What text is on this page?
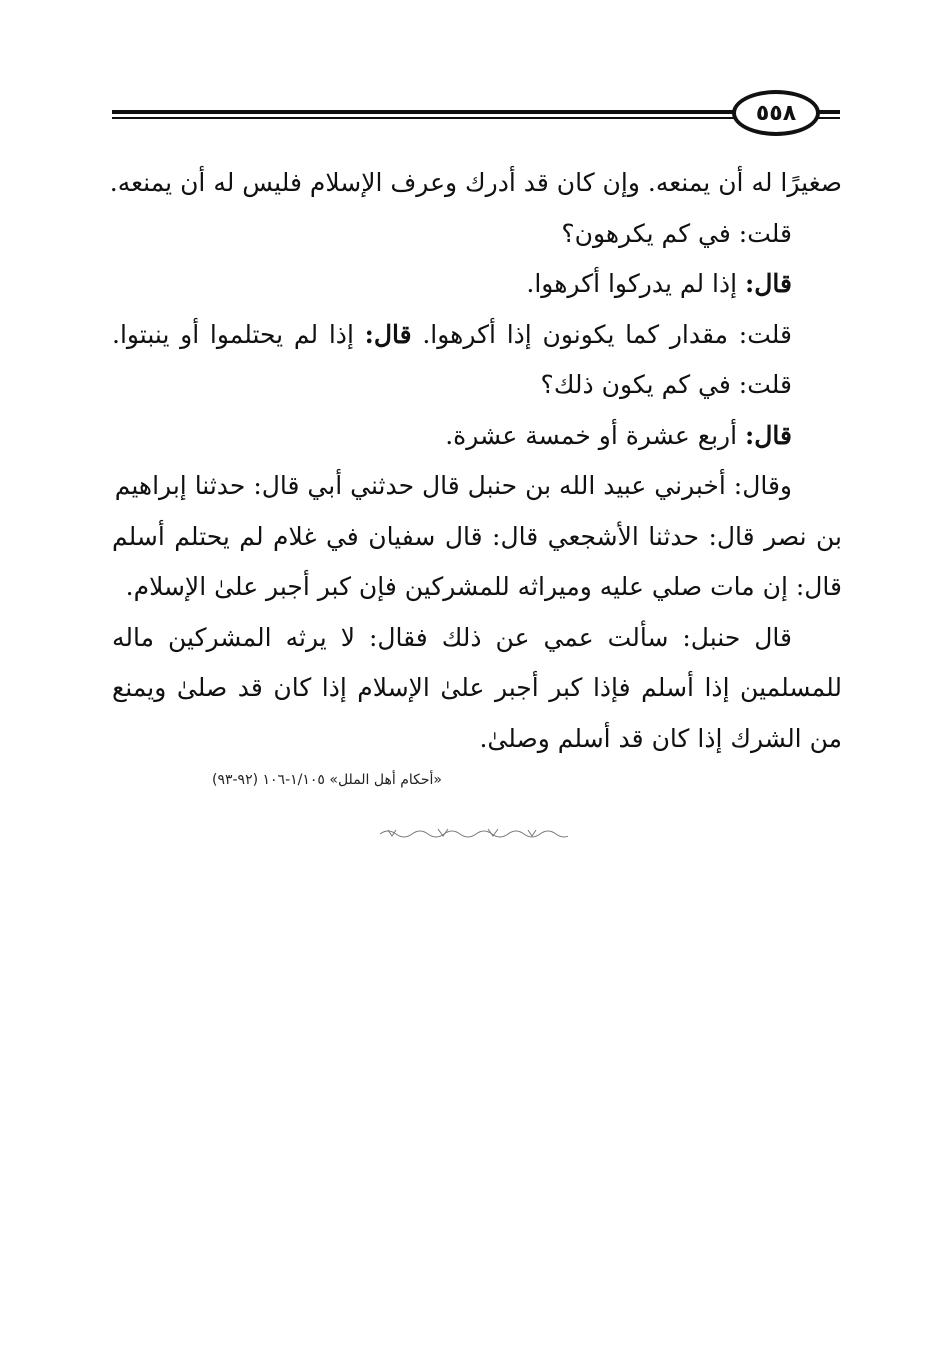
٥٥٨
صغيرًا له أن يمنعه. وإن كان قد أدرك وعرف الإسلام فليس له أن يمنعه.
قلت: في كم يكرهون؟
قال: إذا لم يدركوا أكرهوا.
قلت: مقدار كما يكونون إذا أكرهوا. قال: إذا لم يحتلموا أو ينبتوا.
قلت: في كم يكون ذلك؟
قال: أربع عشرة أو خمسة عشرة.
وقال: أخبرني عبيد الله بن حنبل قال حدثني أبي قال: حدثنا إبراهيم
بن نصر قال: حدثنا الأشجعي قال: قال سفيان في غلام لم يحتلم أسلم
قال: إن مات صلي عليه وميراثه للمشركين فإن كبر أجبر علىٰ الإسلام.
قال حنبل: سألت عمي عن ذلك فقال: لا يرثه المشركين ماله
للمسلمين إذا أسلم فإذا كبر أجبر علىٰ الإسلام إذا كان قد صلىٰ ويمنع
من الشرك إذا كان قد أسلم وصلىٰ.
«أحكام أهل الملل» ١/١٠٥-١٠٦ (٩٢-٩٣)
